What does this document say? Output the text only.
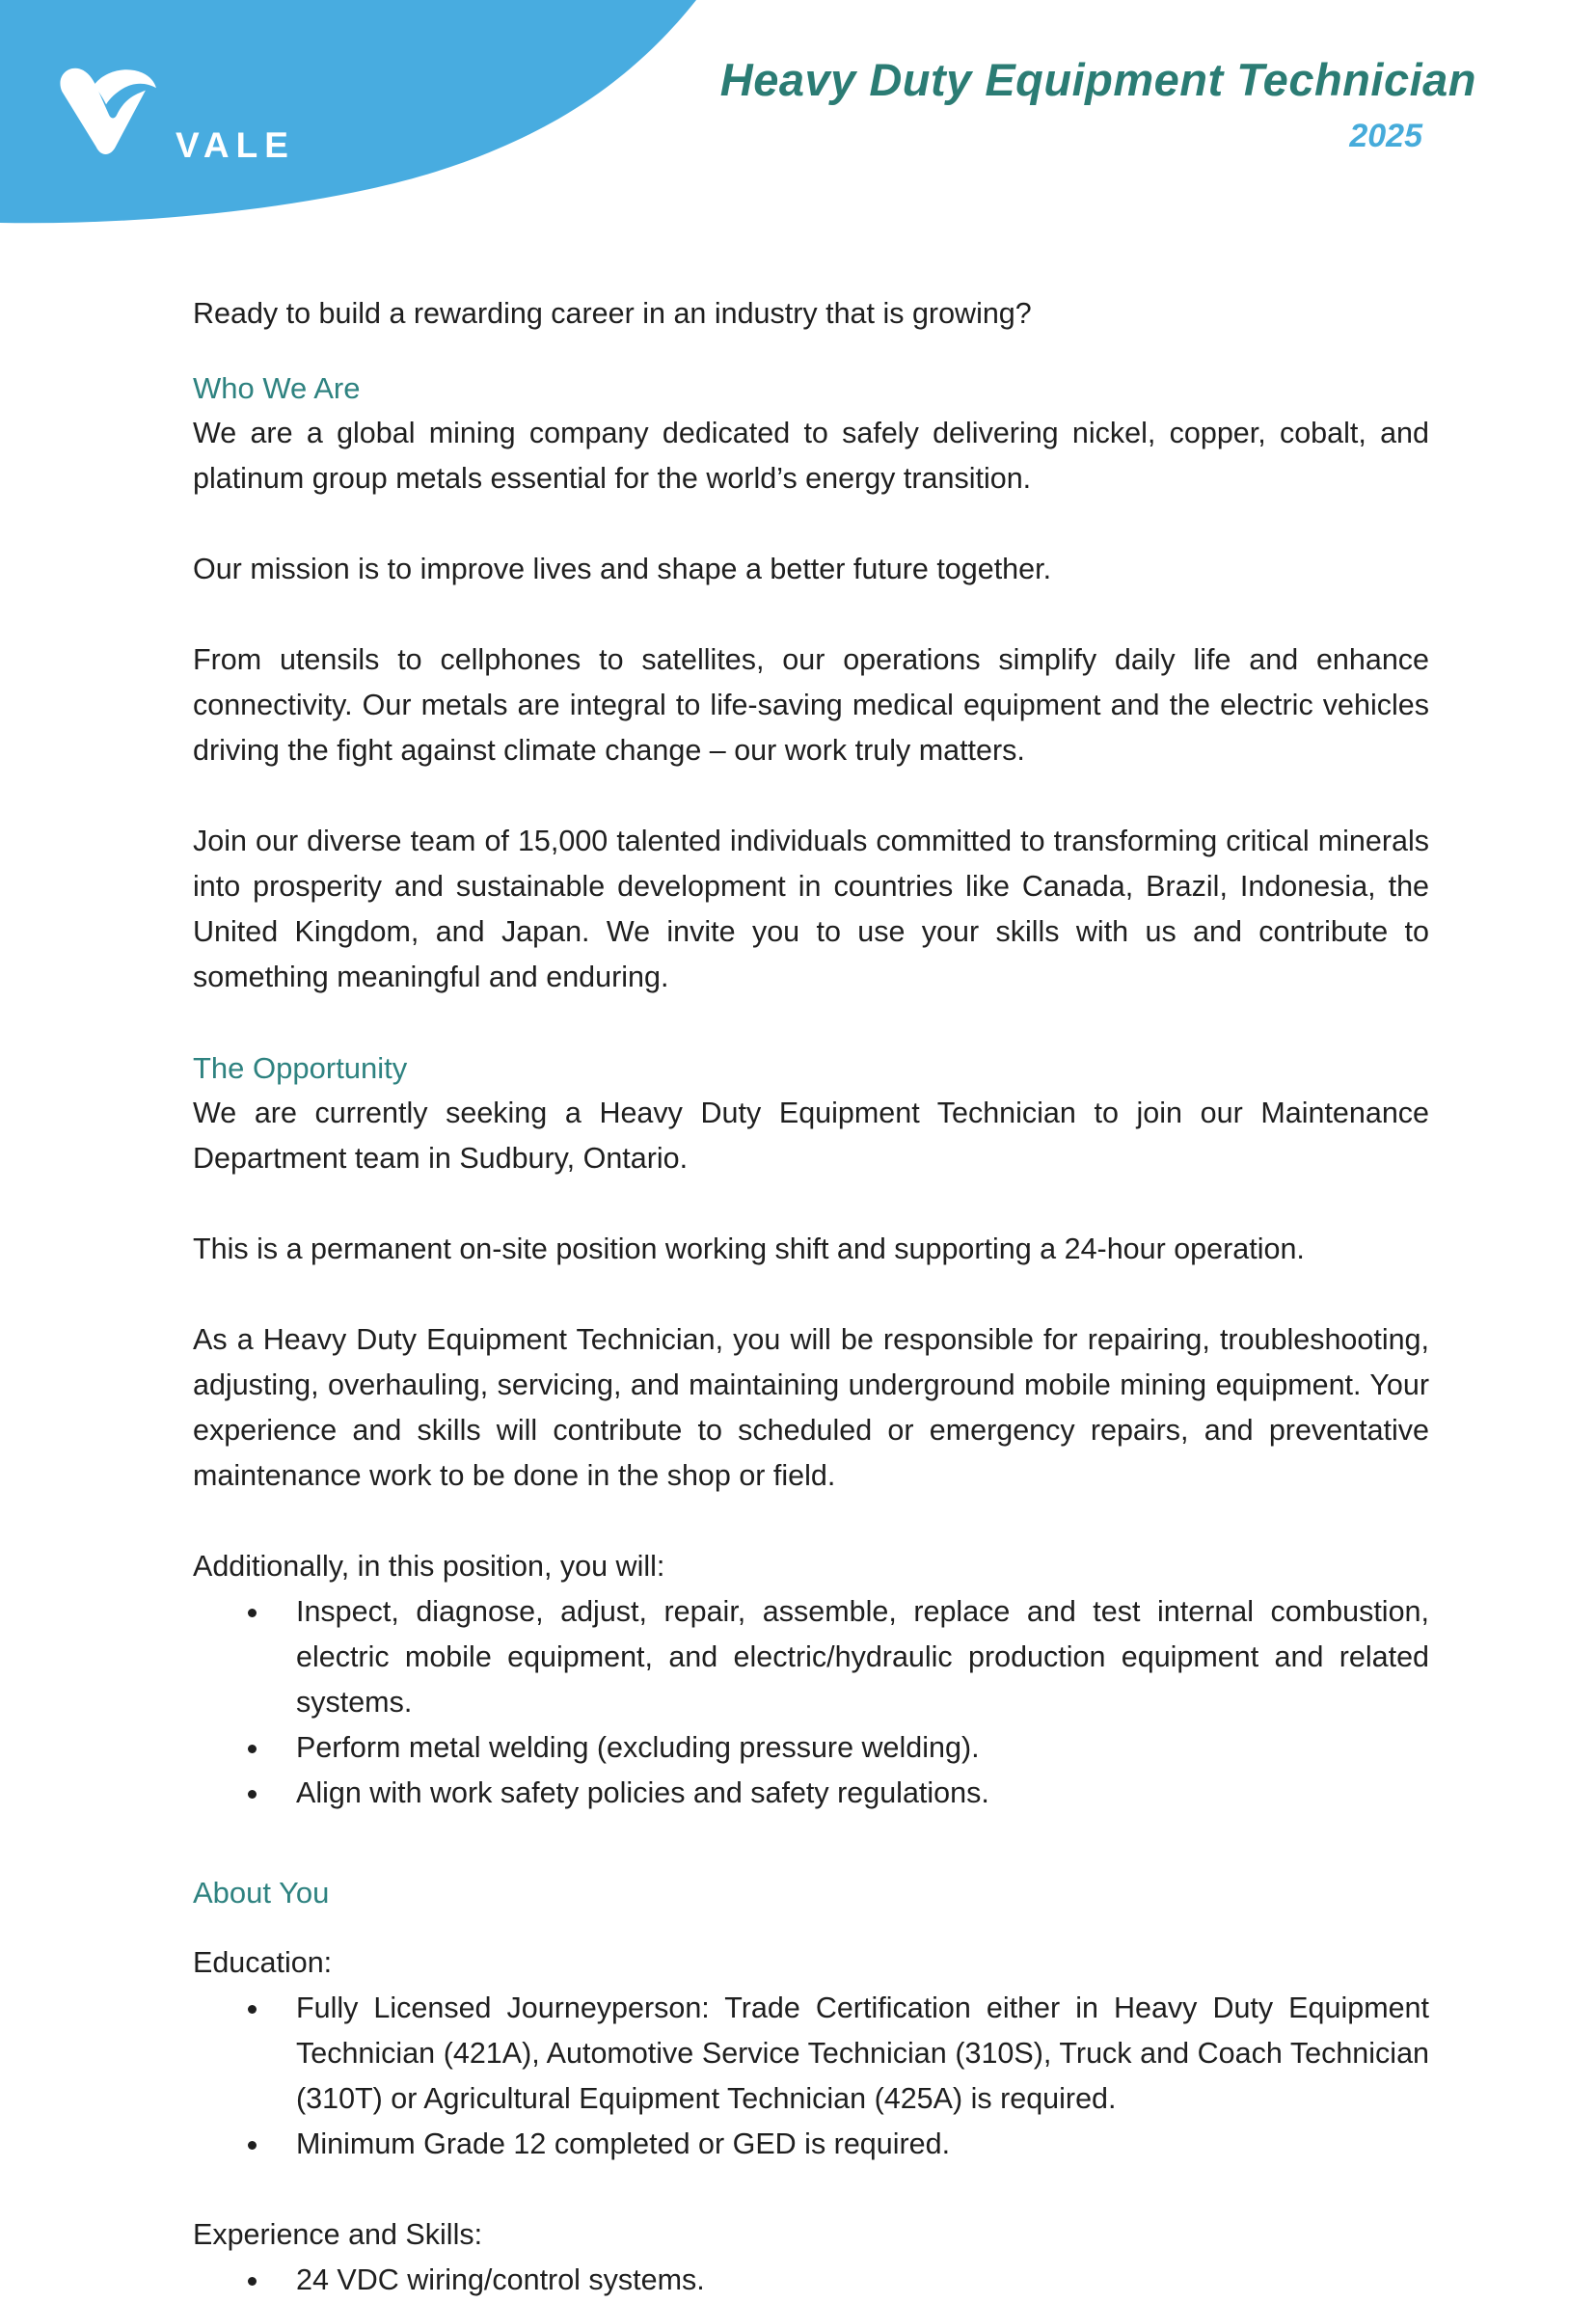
VALE
Heavy Duty Equipment Technician
2025

Ready to build a rewarding career in an industry that is growing?

Who We Are

We are a global mining company dedicated to safely delivering nickel, copper, cobalt, and platinum group metals essential for the world’s energy transition.

Our mission is to improve lives and shape a better future together.

From utensils to cellphones to satellites, our operations simplify daily life and enhance connectivity. Our metals are integral to life-saving medical equipment and the electric vehicles driving the fight against climate change – our work truly matters.

Join our diverse team of 15,000 talented individuals committed to transforming critical minerals into prosperity and sustainable development in countries like Canada, Brazil, Indonesia, the United Kingdom, and Japan. We invite you to use your skills with us and contribute to something meaningful and enduring.

The Opportunity

We are currently seeking a Heavy Duty Equipment Technician to join our Maintenance Department team in Sudbury, Ontario.

This is a permanent on-site position working shift and supporting a 24-hour operation.

As a Heavy Duty Equipment Technician, you will be responsible for repairing, troubleshooting, adjusting, overhauling, servicing, and maintaining underground mobile mining equipment. Your experience and skills will contribute to scheduled or emergency repairs, and preventative maintenance work to be done in the shop or field.

Additionally, in this position, you will:

Inspect, diagnose, adjust, repair, assemble, replace and test internal combustion, electric mobile equipment, and electric/hydraulic production equipment and related systems.
Perform metal welding (excluding pressure welding).
Align with work safety policies and safety regulations.
About You

Education:

Fully Licensed Journeyperson: Trade Certification either in Heavy Duty Equipment Technician (421A), Automotive Service Technician (310S), Truck and Coach Technician (310T) or Agricultural Equipment Technician (425A) is required.
Minimum Grade 12 completed or GED is required.

Experience and Skills:

24 VDC wiring/control systems.
